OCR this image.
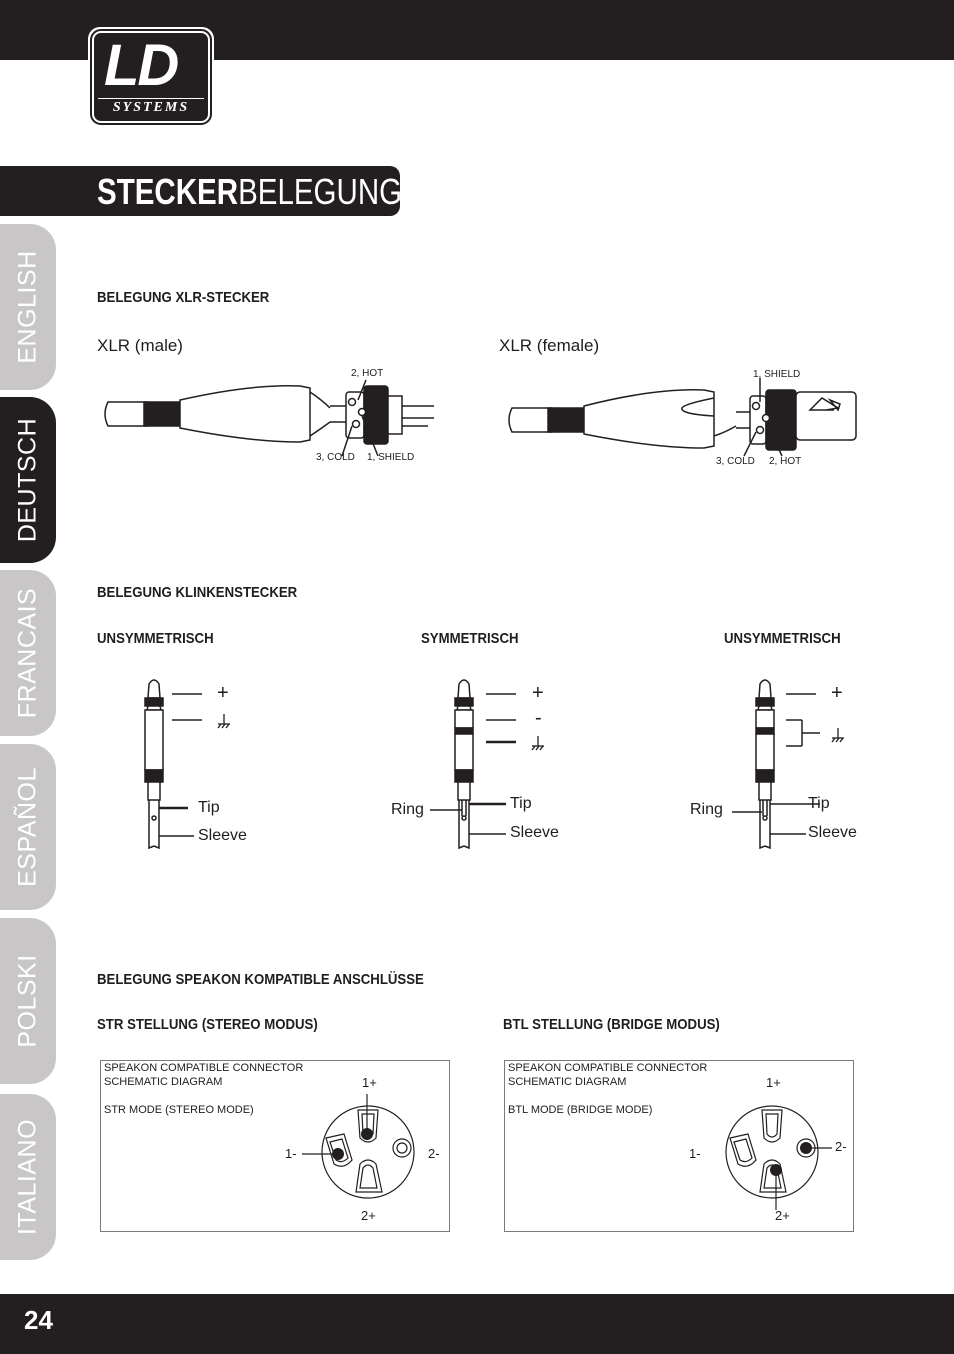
LD
SYSTEMS
STECKERBELEGUNG:
ENGLISH
DEUTSCH
FRANCAIS
ESPAÑOL
POLSKI
ITALIANO
BELEGUNG XLR-STECKER
XLR (male)	XLR (female)
2, HOT
3, COLD 1, SHIELD
1, SHIELD
3, COLD 2, HOT
BELEGUNG KLINKENSTECKER
UNSYMMETRISCH	SYMMETRISCH	UNSYMMETRISCH
+
Tip
Sleeve
+
-
Ring	Tip
Sleeve
+
Ring	Tip
Sleeve
BELEGUNG SPEAKON KOMPATIBLE ANSCHLÜSSE
STR STELLUNG (STEREO MODUS)	BTL STELLUNG (BRIDGE MODUS)
SPEAKON COMPATIBLE CONNECTOR
SCHEMATIC DIAGRAM
STR MODE (STEREO MODE)
1+
1-	2-
2+
SPEAKON COMPATIBLE CONNECTOR
SCHEMATIC DIAGRAM
BTL MODE (BRIDGE MODE)
1+
1-	2-
2+
24
